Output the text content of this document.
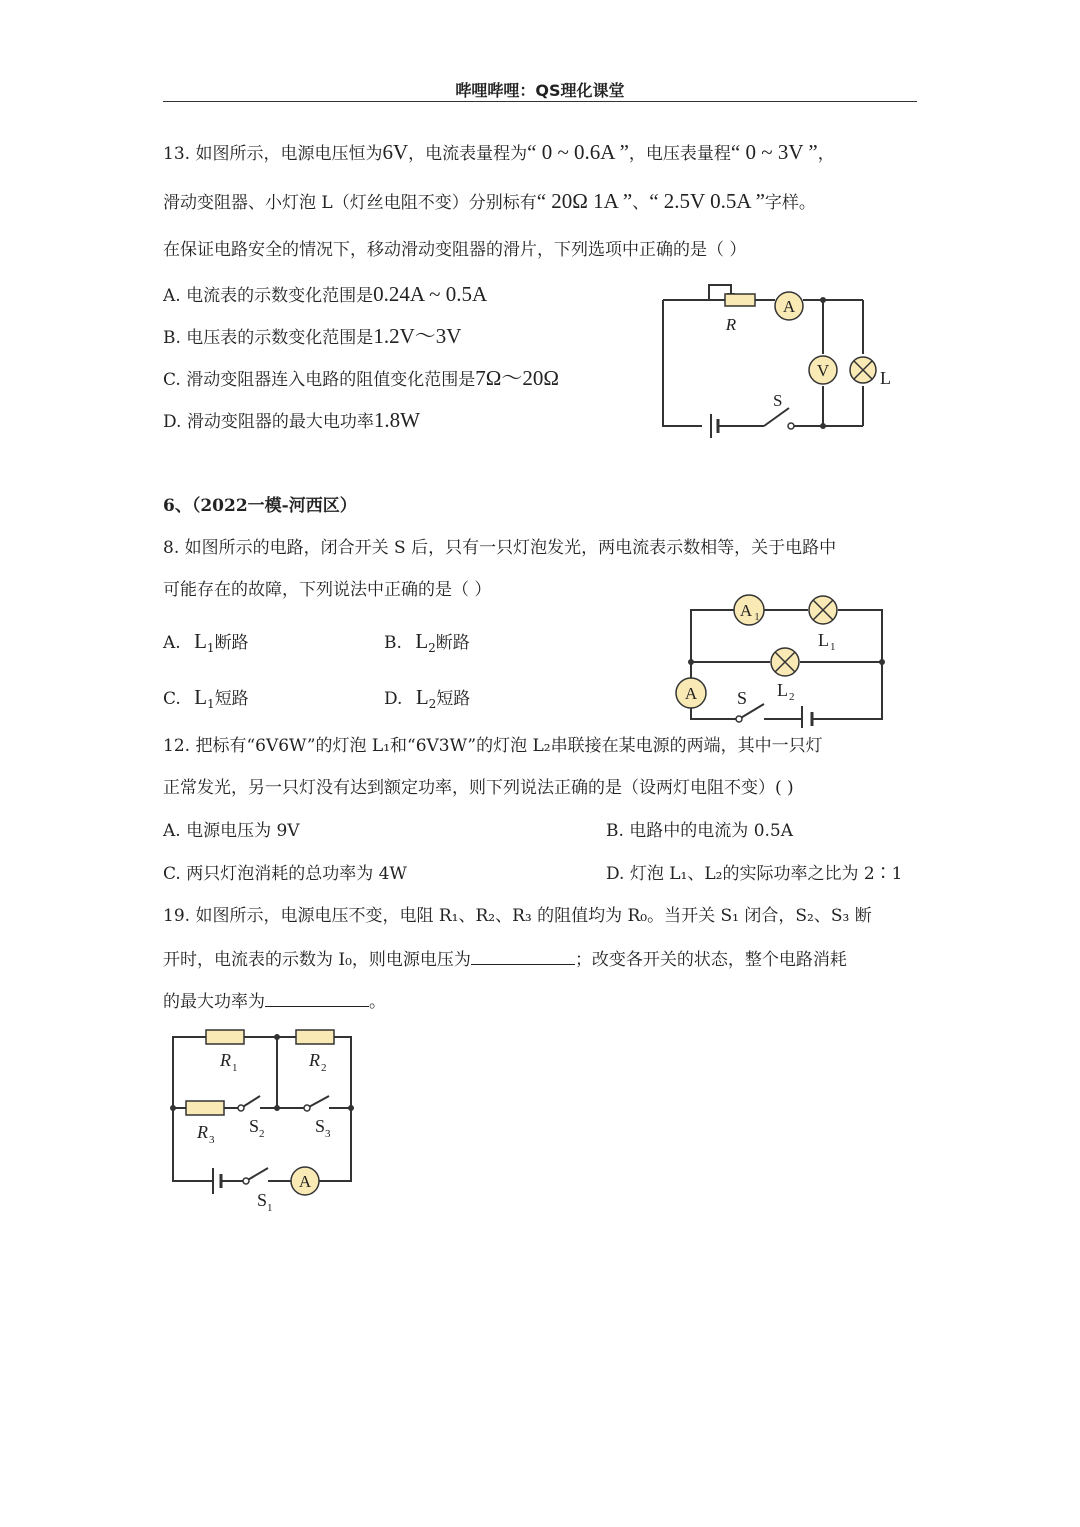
哔哩哔哩：QS理化课堂
13. 如图所示，电源电压恒为6V，电流表量程为“ 0 ~ 0.6A ”，电压表量程“ 0 ~ 3V ”，
滑动变阻器、小灯泡 L（灯丝电阻不变）分别标有“ 20Ω 1A ”、“ 2.5V 0.5A ”字样。
在保证电路安全的情况下，移动滑动变阻器的滑片，下列选项中正确的是（ ）
A. 电流表的示数变化范围是0.24A ~ 0.5A
B. 电压表的示数变化范围是1.2V～3V
C. 滑动变阻器连入电路的阻值变化范围是7Ω～20Ω
D. 滑动变阻器的最大电功率1.8W
A
V	L
R
S
6、（2022一模-河西区）
8. 如图所示的电路，闭合开关 S 后，只有一只灯泡发光，两电流表示数相等，关于电路中
可能存在的故障，下列说法中正确的是（ ）
A. $L_1$断路	B. $L_2$断路
C. $L_1$短路	D. $L_2$短路
A 1
L 1
L 2
A S
12. 把标有“6V6W”的灯泡 L₁和“6V3W”的灯泡 L₂串联接在某电源的两端，其中一只灯
正常发光，另一只灯没有达到额定功率，则下列说法正确的是（设两灯电阻不变）( )
A. 电源电压为 9V	B. 电路中的电流为 0.5A
C. 两只灯泡消耗的总功率为 4W	D. 灯泡 L₁、L₂的实际功率之比为 2∶1
19. 如图所示，电源电压不变，电阻 R₁、R₂、R₃ 的阻值均为 R₀。当开关 S₁ 闭合，S₂、S₃ 断
开时，电流表的示数为 I₀，则电源电压为	；改变各开关的状态，整个电路消耗
的最大功率为	。
A
R 1	R 2
R 3
S 2	S 3
S 1
